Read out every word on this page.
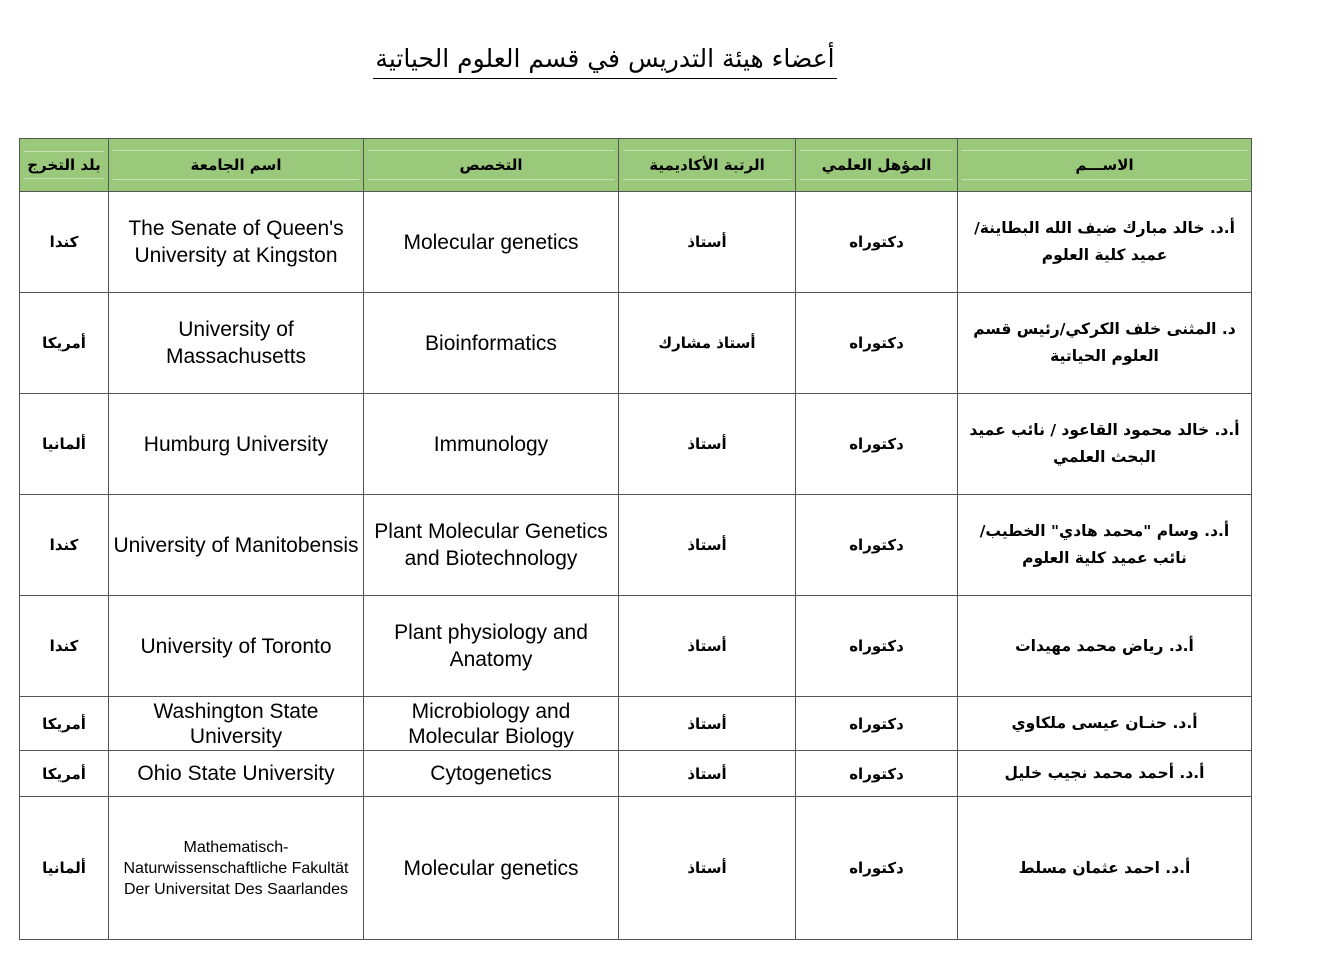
أعضاء هيئة التدريس في قسم العلوم الحياتية
بلد التخرج	اسم الجامعة	التخصص	الرتبة الأكاديمية	المؤهل العلمي	الاســـم

كندا	The Senate of Queen's University at Kingston	Molecular genetics	أستاذ	دكتوراه	أ.د. خالد مبارك ضيف الله البطاينة/ عميد كلية العلوم
أمريكا	University of Massachusetts	Bioinformatics	أستاذ مشارك	دكتوراه	د. المثنى خلف الكركي/رئيس قسم العلوم الحياتية
ألمانيا	Humburg University	Immunology	أستاذ	دكتوراه	أ.د. خالد محمود القاعود / نائب عميد البحث العلمي
كندا	University of Manitobensis	Plant Molecular Genetics and Biotechnology	أستاذ	دكتوراه	أ.د. وسام "محمد هادي" الخطيب/ نائب عميد كلية العلوم
كندا	University of Toronto	Plant physiology and Anatomy	أستاذ	دكتوراه	أ.د. رياض محمد مهيدات
أمريكا	Washington State University	Microbiology and Molecular Biology	أستاذ	دكتوراه	أ.د. حنـان عيسى ملكاوي
أمريكا	Ohio State University	Cytogenetics	أستاذ	دكتوراه	أ.د. أحمد محمد نجيب خليل
ألمانيا	Mathematisch-Naturwissenschaftliche Fakultät Der Universitat Des Saarlandes	Molecular genetics	أستاذ	دكتوراه	أ.د. احمد عثمان مسلط
